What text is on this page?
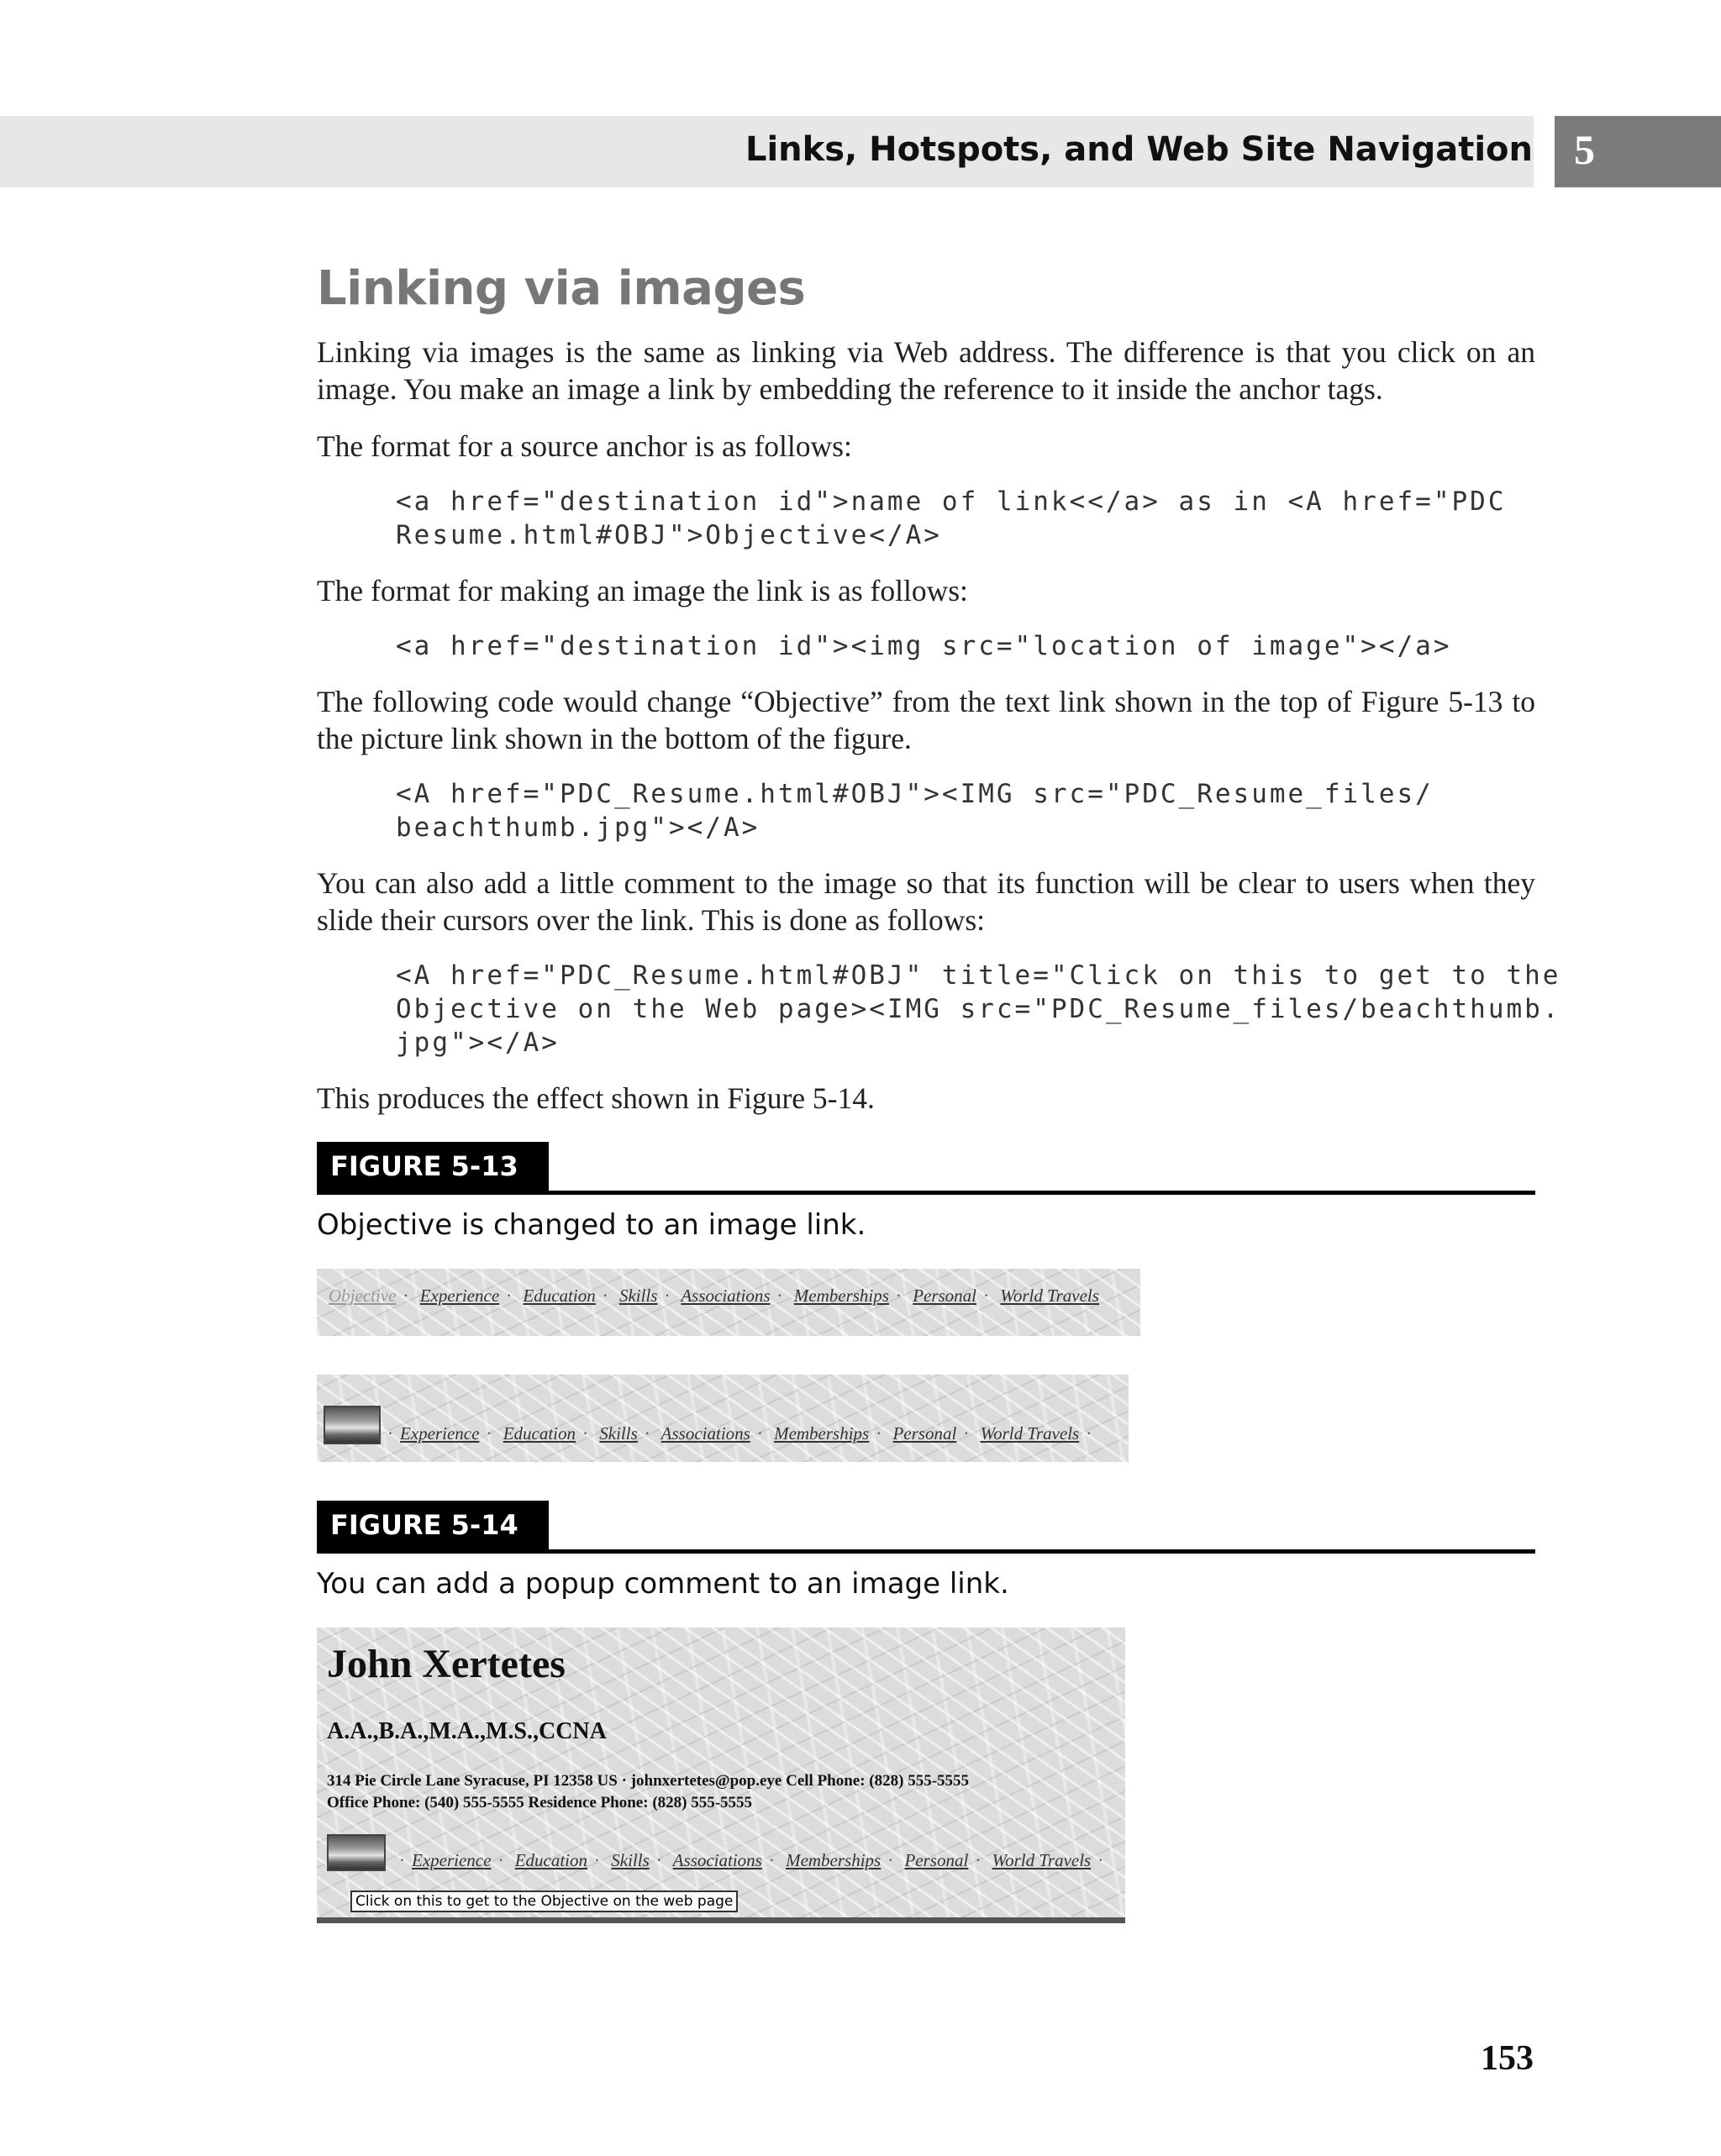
Links, Hotspots, and Web Site Navigation 5
Linking via images

Linking via images is the same as linking via Web address. The difference is that you click on an image. You make an image a link by embedding the reference to it inside the anchor tags.

The format for a source anchor is as follows:

<a href="destination id">name of link<</a> as in <A href="PDC
Resume.html#OBJ">Objective</A>

The format for making an image the link is as follows:

<a href="destination id"><img src="location of image"></a>

The following code would change “Objective” from the text link shown in the top of Figure 5-13 to the picture link shown in the bottom of the figure.

<A href="PDC_Resume.html#OBJ"><IMG src="PDC_Resume_files/
beachthumb.jpg"></A>

You can also add a little comment to the image so that its function will be clear to users when they slide their cursors over the link. This is done as follows:

<A href="PDC_Resume.html#OBJ" title="Click on this to get to the
Objective on the Web page><IMG src="PDC_Resume_files/beachthumb.
jpg"></A>

This produces the effect shown in Figure 5-14.

FIGURE 5-13
Objective is changed to an image link.
Objective · Experience · Education · Skills · Associations · Memberships · Personal · World Travels
· Experience · Education · Skills · Associations · Memberships · Personal · World Travels ·
FIGURE 5-14
You can add a popup comment to an image link.
John Xertetes
A.A.,B.A.,M.A.,M.S.,CCNA
314 Pie Circle Lane Syracuse, PI 12358 US · johnxertetes@pop.eye Cell Phone: (828) 555-5555
Office Phone: (540) 555-5555 Residence Phone: (828) 555-5555
· Experience · Education · Skills · Associations · Memberships · Personal · World Travels ·
Click on this to get to the Objective on the web page
153
